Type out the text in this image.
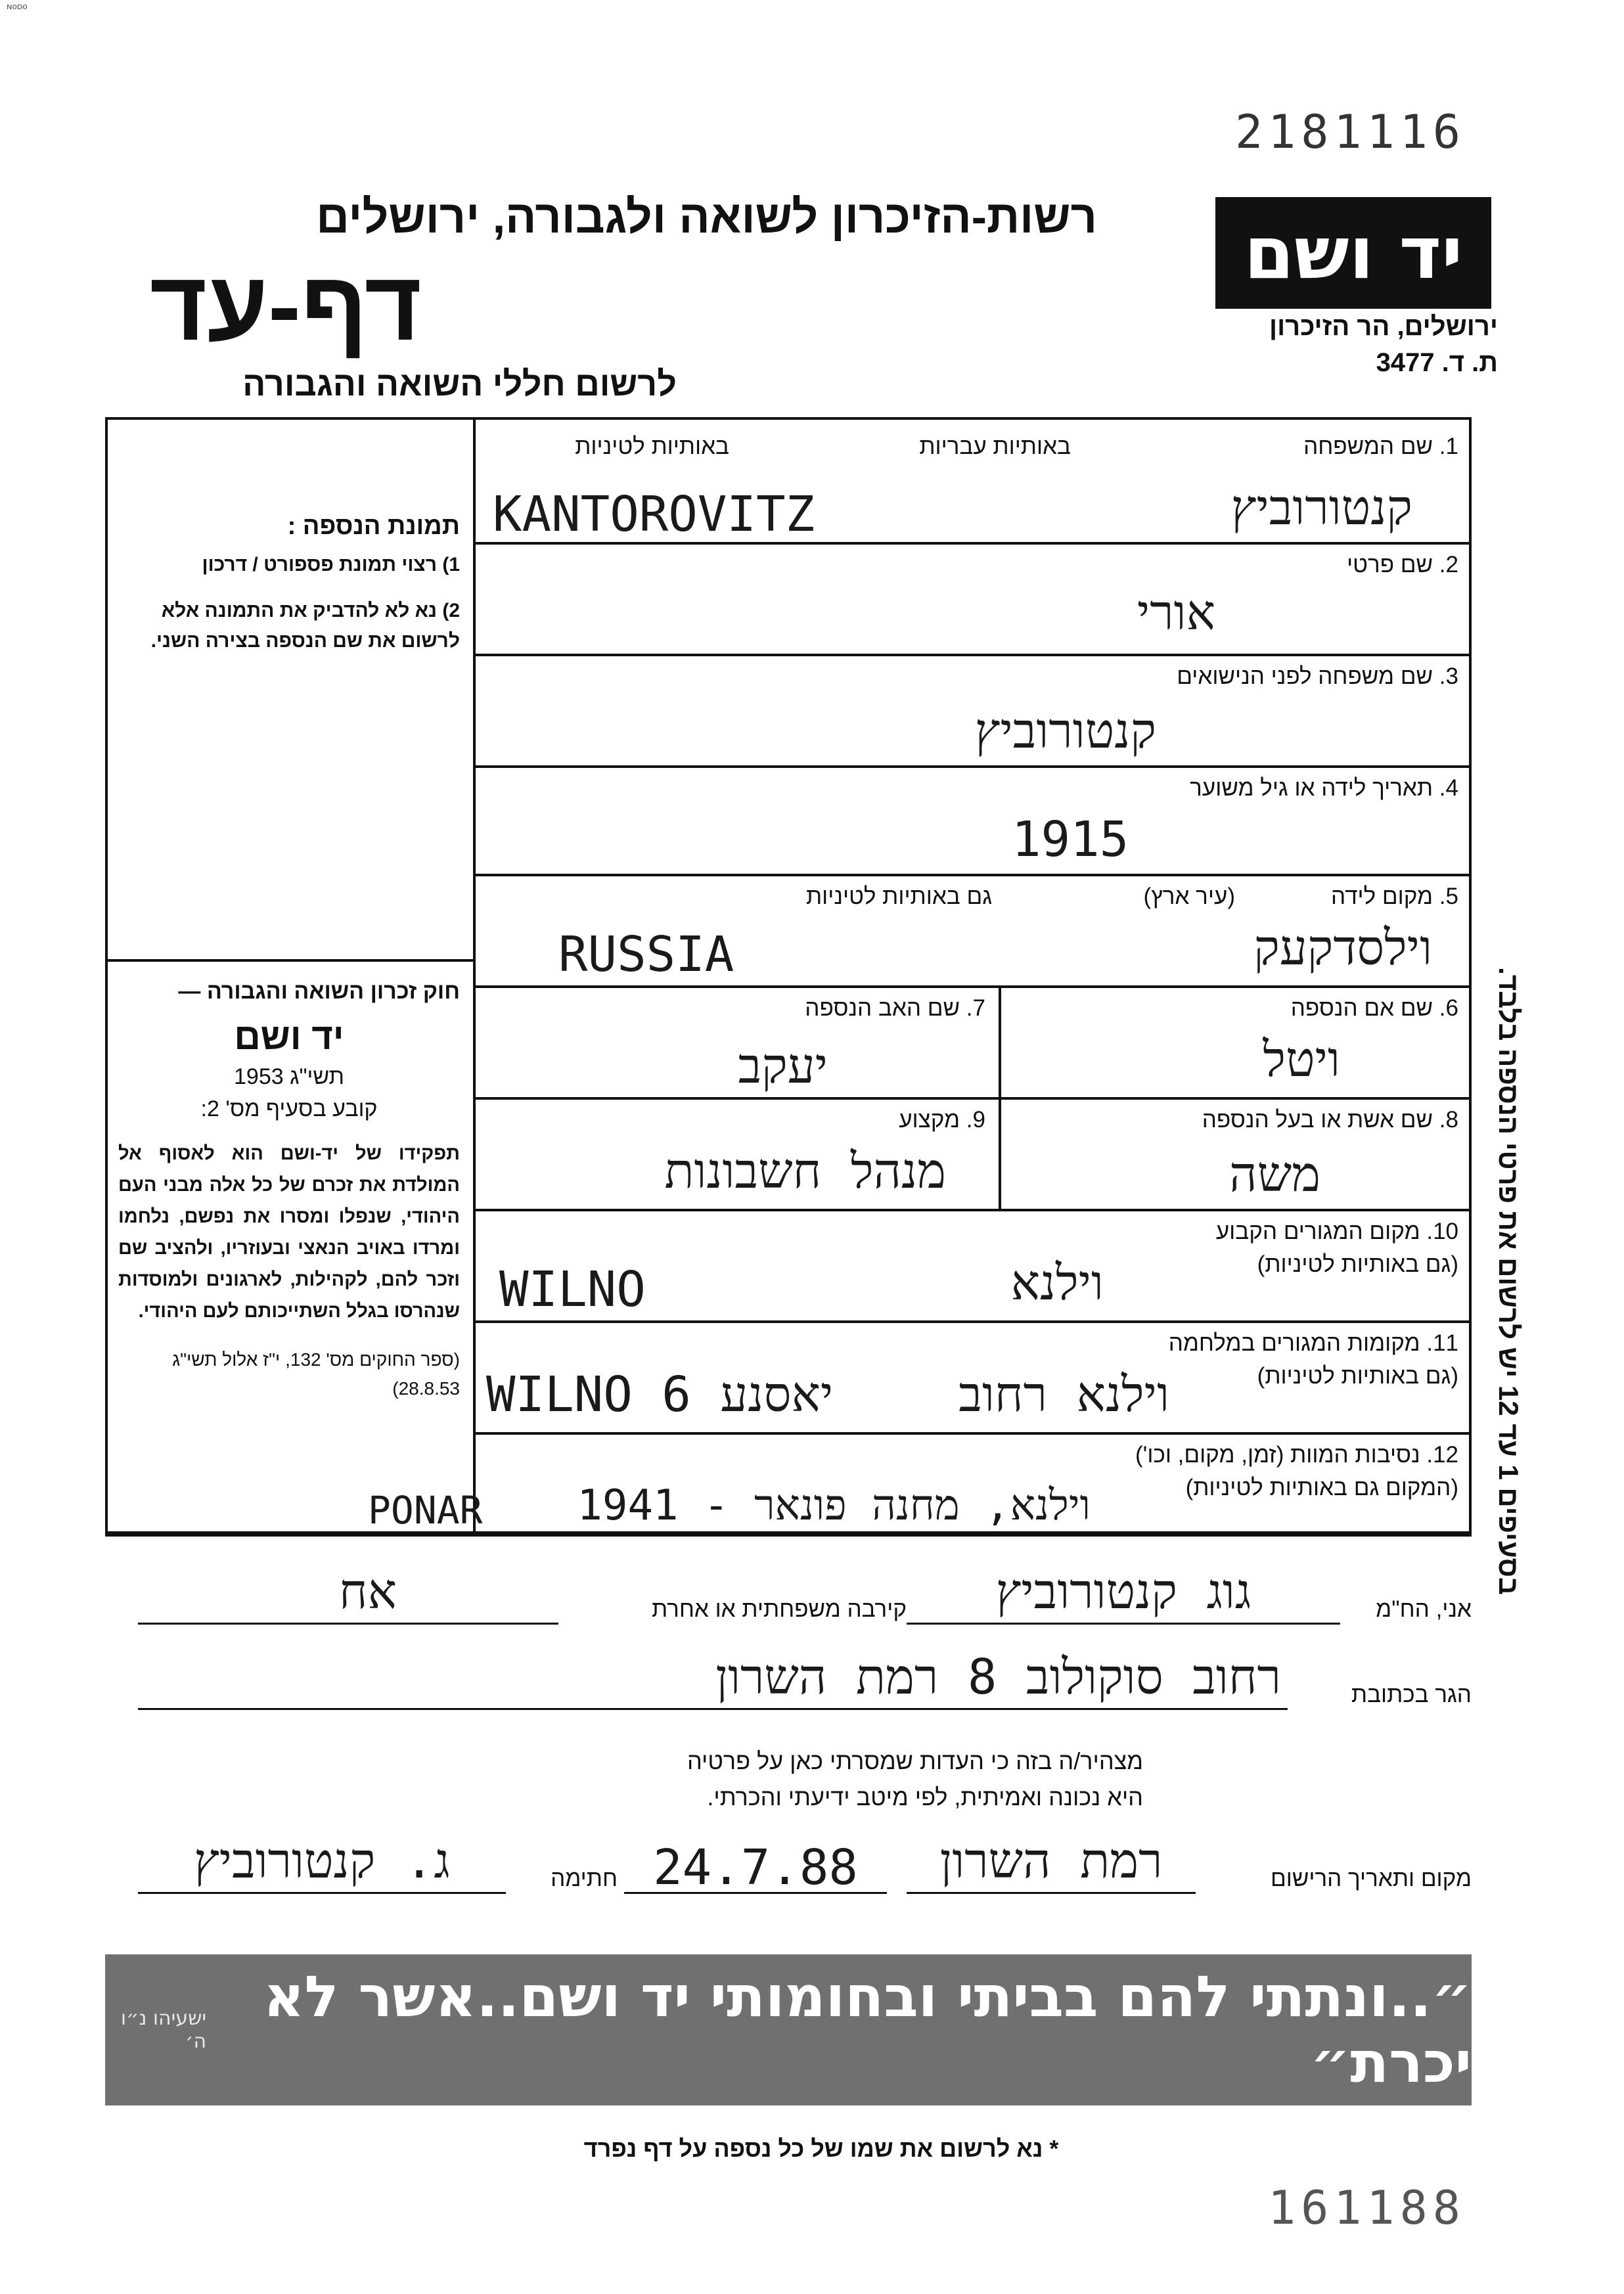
ᴺ⁰ᴰ⁰
2181116
יד ושם
ירושלים, הר הזיכרון
ת. ד. 3477
רשות-הזיכרון לשואה ולגבורה, ירושלים
דף-עד
לרשום חללי השואה והגבורה

תמונת הנספה :

1) רצוי תמונת פספורט / דרכון

2) נא לא להדביק את התמונה אלא לרשום את שם הנספה בצירה השני.

חוק זכרון השואה והגבורה —

יד ושם

תשי"ג 1953

קובע בסעיף מס' 2:

תפקידו של יד-ושם הוא לאסוף אל המולדת את זכרם של כל אלה מבני העם היהודי, שנפלו ומסרו את נפשם, נלחמו ומרדו באויב הנאצי ובעוזריו, ולהציב שם וזכר להם, לקהילות, לארגונים ולמוסדות שנהרסו בגלל השתייכותם לעם היהודי.

(ספר החוקים מס' 132, י"ז אלול תשי"ג 28.8.53)

1. שם המשפחה
באותיות עבריות
באותיות לטיניות
KANTOROVITZ	קנטורוביץ
2. שם פרטי
אורי
3. שם משפחה לפני הנישואים
קנטורוביץ
4. תאריך לידה או גיל משוער
1915
5. מקום לידה
(עיר ארץ)
גם באותיות לטיניות
RUSSIA	וילסדקעק
6. שם אם הנספה
ויטל
7. שם האב הנספה
יעקב
8. שם אשת או בעל הנספה
משה
9. מקצוע
מנהל חשבונות
10. מקום המגורים הקבוע
(גם באותיות לטיניות)
WILNO	וילנא
11. מקומות המגורים במלחמה
(גם באותיות לטיניות)
WILNO 6 יאסנע	וילנא רחוב
12. נסיבות המוות (זמן, מקום, וכו')
(המקום גם באותיות לטיניות)
PONAR	וילנא, מחנה פונאר - 1941
אני, הח"מ
גוג קנטורוביץ
קירבה משפחתית או אחרת
אח
הגר בכתובת
רחוב סוקולוב 8 רמת השרון
מצהיר/ה בזה כי העדות שמסרתי כאן על פרטיה
היא נכונה ואמיתית, לפי מיטב ידיעתי והכרתי.
מקום ותאריך הרישום
רמת השרון
24.7.88
חתימה
ג. קנטורוביץ
״..ונתתי להם בביתי ובחומותי יד ושם..אשר לא יכרת״
ישעיהו נ״ו ה׳
* נא לרשום את שמו של כל נספה על דף נפרד
161188
בסעיפים 1 עד 12 יש לרשום את פרטי הנספה בלבד.
